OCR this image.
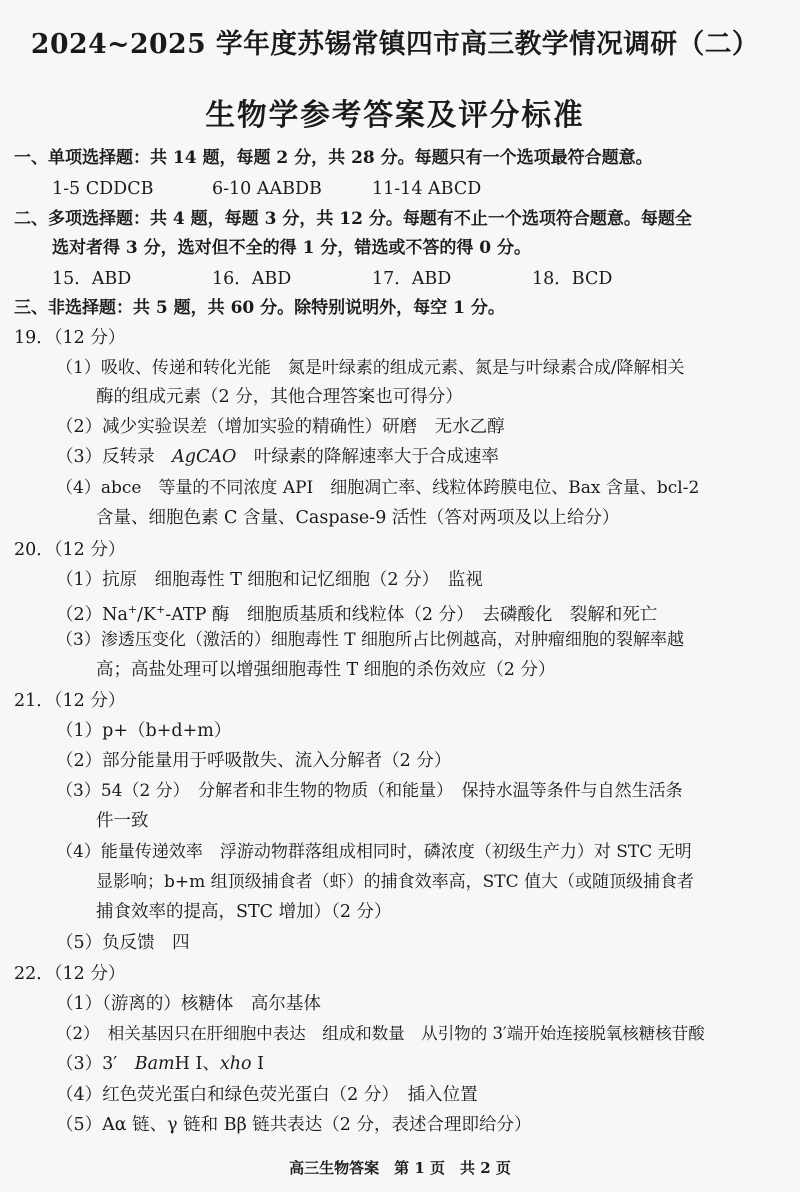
2024~2025 学年度苏锡常镇四市高三教学情况调研（二）
生物学参考答案及评分标准
一、单项选择题：共 14 题，每题 2 分，共 28 分。每题只有一个选项最符合题意。
1-5 CDDCB	6-10 AABDB	11-14 ABCD
二、多项选择题：共 4 题，每题 3 分，共 12 分。每题有不止一个选项符合题意。每题全
选对者得 3 分，选对但不全的得 1 分，错选或不答的得 0 分。
15．ABD	16．ABD	17．ABD	18．BCD
三、非选择题：共 5 题，共 60 分。除特别说明外，每空 1 分。
19．（12 分）
（1）吸收、传递和转化光能　氮是叶绿素的组成元素、氮是与叶绿素合成/降解相关
酶的组成元素（2 分，其他合理答案也可得分）
（2）减少实验误差（增加实验的精确性）研磨　无水乙醇
（3）反转录　AgCAO　叶绿素的降解速率大于合成速率
（4）abce　等量的不同浓度 API　细胞凋亡率、线粒体跨膜电位、Bax 含量、bcl-2
含量、细胞色素 C 含量、Caspase-9 活性（答对两项及以上给分）
20．（12 分）
（1）抗原　细胞毒性 T 细胞和记忆细胞（2 分）　监视
（2）Na+/K+-ATP 酶　细胞质基质和线粒体（2 分）　去磷酸化　裂解和死亡
（3）渗透压变化（激活的）细胞毒性 T 细胞所占比例越高，对肿瘤细胞的裂解率越
高；高盐处理可以增强细胞毒性 T 细胞的杀伤效应（2 分）
21．（12 分）
（1）p+（b+d+m）
（2）部分能量用于呼吸散失、流入分解者（2 分）
（3）54（2 分）　分解者和非生物的物质（和能量）　保持水温等条件与自然生活条
件一致
（4）能量传递效率　浮游动物群落组成相同时，磷浓度（初级生产力）对 STC 无明
显影响；b+m 组顶级捕食者（虾）的捕食效率高，STC 值大（或随顶级捕食者
捕食效率的提高，STC 增加）（2 分）
（5）负反馈　四
22．（12 分）
（1）（游离的）核糖体　高尔基体
（2）　相关基因只在肝细胞中表达　组成和数量　从引物的 3′端开始连接脱氧核糖核苷酸
（3）3′　BamH Ⅰ、xho Ⅰ
（4）红色荧光蛋白和绿色荧光蛋白（2 分）　插入位置
（5）Aα 链、γ 链和 Bβ 链共表达（2 分，表述合理即给分）
高三生物答案　第 1 页　共 2 页
